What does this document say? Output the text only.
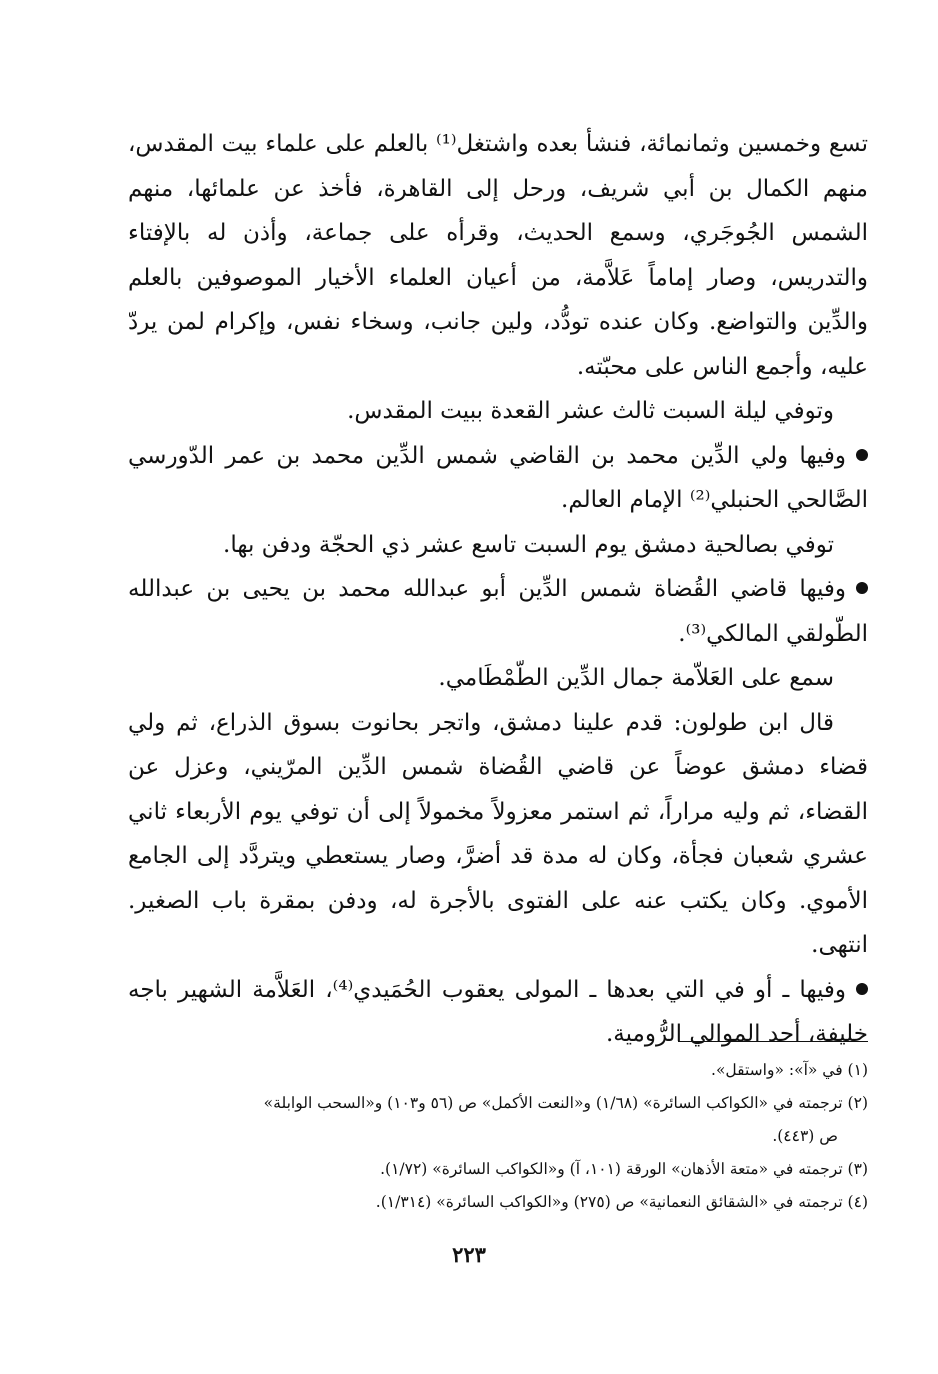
تسع وخمسين وثمانمائة، فنشأ بعده واشتغل⁽¹⁾ بالعلم على علماء بيت المقدس، منهم الكمال بن أبي شريف، ورحل إلى القاهرة، فأخذ عن علمائها، منهم الشمس الجُوجَري، وسمع الحديث، وقرأه على جماعة، وأذن له بالإفتاء والتدريس، وصار إماماً عَلاَّمة، من أعيان العلماء الأخيار الموصوفين بالعلم والدِّين والتواضع. وكان عنده تودُّد، ولين جانب، وسخاء نفس، وإكرام لمن يردّ عليه، وأجمع الناس على محبّته.

وتوفي ليلة السبت ثالث عشر القعدة ببيت المقدس.

وفيها ولي الدِّين محمد بن القاضي شمس الدِّين محمد بن عمر الدّورسي الصَّالحي الحنبلي⁽²⁾ الإمام العالم.

توفي بصالحية دمشق يوم السبت تاسع عشر ذي الحجّة ودفن بها.

وفيها قاضي القُضاة شمس الدِّين أبو عبدالله محمد بن يحيى بن عبدالله الطّولقي المالكي⁽³⁾.

سمع على العَلاّمة جمال الدِّين الطّمْطَامي.

قال ابن طولون: قدم علينا دمشق، واتجر بحانوت بسوق الذراع، ثم ولي قضاء دمشق عوضاً عن قاضي القُضاة شمس الدِّين المرّيني، وعزل عن القضاء، ثم وليه مراراً، ثم استمر معزولاً مخمولاً إلى أن توفي يوم الأربعاء ثاني عشري شعبان فجأة، وكان له مدة قد أضرَّ، وصار يستعطي ويتردَّد إلى الجامع الأموي. وكان يكتب عنه على الفتوى بالأجرة له، ودفن بمقرة باب الصغير. انتهى.

وفيها ـ أو في التي بعدها ـ المولى يعقوب الحُمَيدي⁽⁴⁾، العَلاَّمة الشهير باجه خليفة، أحد الموالي الرُّومية.

(١) في «آ»: «واستقل».

(٢) ترجمته في «الكواكب السائرة» (١/٦٨) و«النعت الأكمل» ص (٥٦ و١٠٣) و«السحب الوابلة»

ص (٤٤٣).

(٣) ترجمته في «متعة الأذهان» الورقة (١٠١، آ) و«الكواكب السائرة» (١/٧٢).

(٤) ترجمته في «الشقائق النعمانية» ص (٢٧٥) و«الكواكب السائرة» (١/٣١٤).

٢٢٣
